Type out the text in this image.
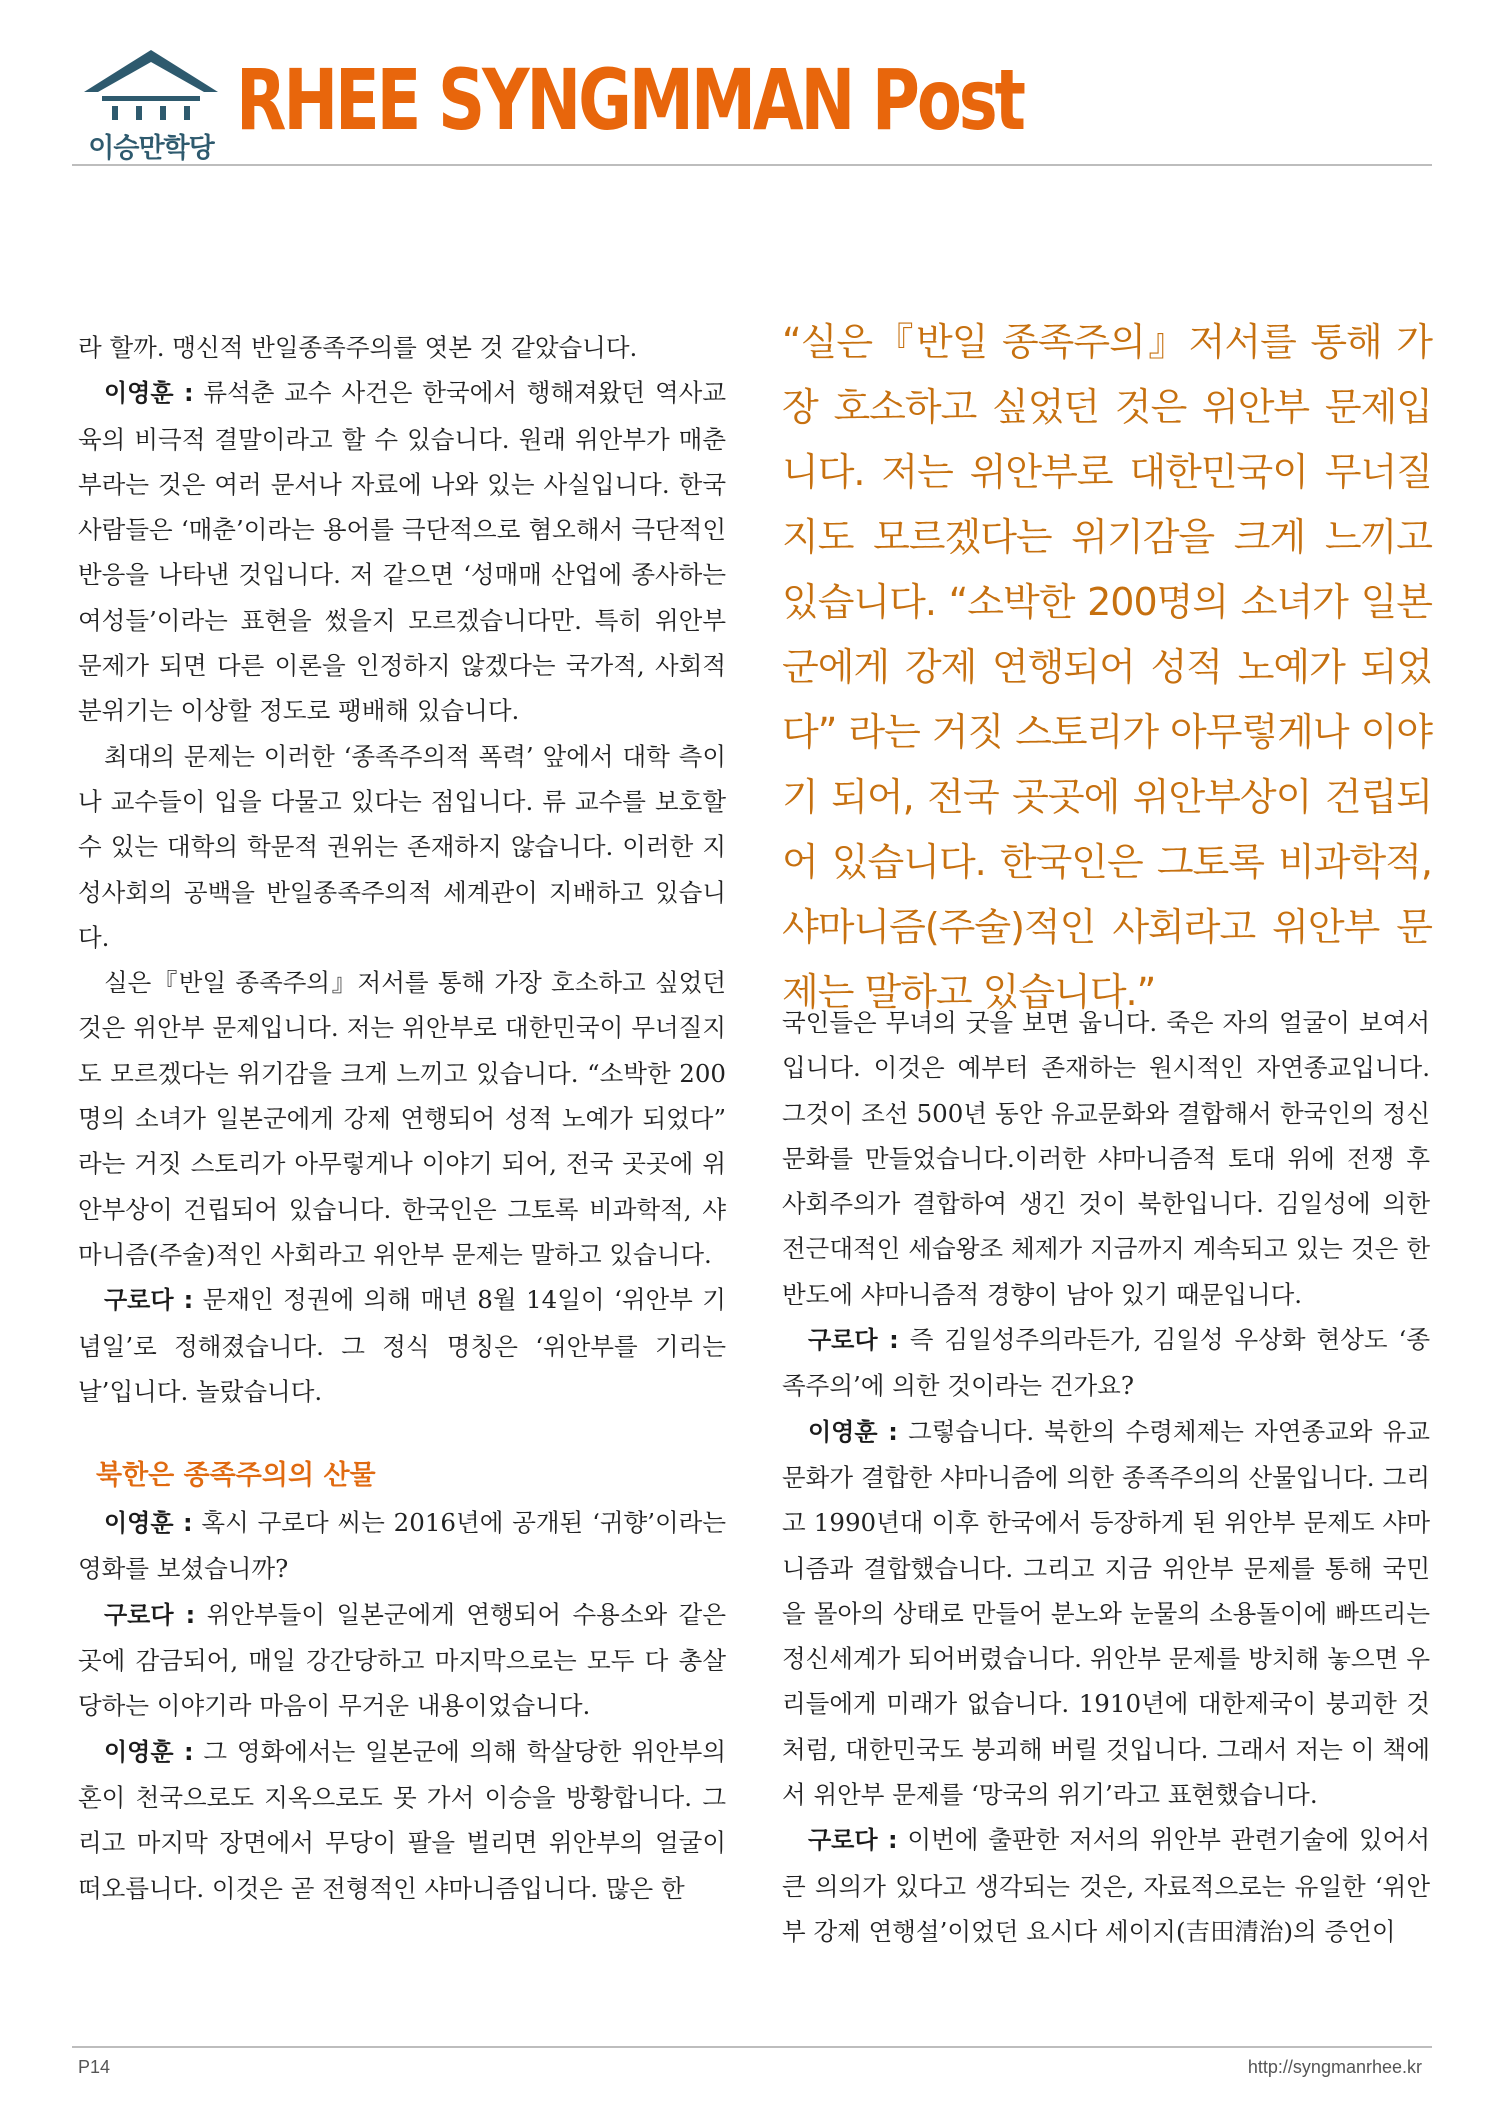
이승만학당 RHEE SYNGMMAN Post

라 할까. 맹신적 반일종족주의를 엿본 것 같았습니다.

이영훈 : 류석춘 교수 사건은 한국에서 행해져왔던 역사교육의 비극적 결말이라고 할 수 있습니다. 원래 위안부가 매춘부라는 것은 여러 문서나 자료에 나와 있는 사실입니다. 한국 사람들은 ‘매춘’이라는 용어를 극단적으로 혐오해서 극단적인 반응을 나타낸 것입니다. 저 같으면 ‘성매매 산업에 종사하는 여성들’이라는 표현을 썼을지 모르겠습니다만. 특히 위안부 문제가 되면 다른 이론을 인정하지 않겠다는 국가적, 사회적 분위기는 이상할 정도로 팽배해 있습니다.

최대의 문제는 이러한 ‘종족주의적 폭력’ 앞에서 대학 측이나 교수들이 입을 다물고 있다는 점입니다. 류 교수를 보호할 수 있는 대학의 학문적 권위는 존재하지 않습니다. 이러한 지성사회의 공백을 반일종족주의적 세계관이 지배하고 있습니다.

실은『반일 종족주의』저서를 통해 가장 호소하고 싶었던 것은 위안부 문제입니다. 저는 위안부로 대한민국이 무너질지도 모르겠다는 위기감을 크게 느끼고 있습니다. “소박한 200명의 소녀가 일본군에게 강제 연행되어 성적 노예가 되었다” 라는 거짓 스토리가 아무렇게나 이야기 되어, 전국 곳곳에 위안부상이 건립되어 있습니다. 한국인은 그토록 비과학적, 샤마니즘(주술)적인 사회라고 위안부 문제는 말하고 있습니다.

구로다 : 문재인 정권에 의해 매년 8월 14일이 ‘위안부 기념일’로 정해졌습니다. 그 정식 명칭은 ‘위안부를 기리는 날’입니다. 놀랐습니다.

북한은 종족주의의 산물

이영훈 : 혹시 구로다 씨는 2016년에 공개된 ‘귀향’이라는 영화를 보셨습니까?

구로다 : 위안부들이 일본군에게 연행되어 수용소와 같은 곳에 감금되어, 매일 강간당하고 마지막으로는 모두 다 총살당하는 이야기라 마음이 무거운 내용이었습니다.

이영훈 : 그 영화에서는 일본군에 의해 학살당한 위안부의 혼이 천국으로도 지옥으로도 못 가서 이승을 방황합니다. 그리고 마지막 장면에서 무당이 팔을 벌리면 위안부의 얼굴이 떠오릅니다. 이것은 곧 전형적인 샤마니즘입니다. 많은 한

“실은『반일 종족주의』저서를 통해 가장 호소하고 싶었던 것은 위안부 문제입니다. 저는 위안부로 대한민국이 무너질지도 모르겠다는 위기감을 크게 느끼고 있습니다. “소박한 200명의 소녀가 일본군에게 강제 연행되어 성적 노예가 되었다” 라는 거짓 스토리가 아무렇게나 이야기 되어, 전국 곳곳에 위안부상이 건립되어 있습니다. 한국인은 그토록 비과학적, 샤마니즘(주술)적인 사회라고 위안부 문제는 말하고 있습니다.”

국인들은 무녀의 굿을 보면 웁니다. 죽은 자의 얼굴이 보여서입니다. 이것은 예부터 존재하는 원시적인 자연종교입니다. 그것이 조선 500년 동안 유교문화와 결합해서 한국인의 정신문화를 만들었습니다.이러한 샤마니즘적 토대 위에 전쟁 후 사회주의가 결합하여 생긴 것이 북한입니다. 김일성에 의한 전근대적인 세습왕조 체제가 지금까지 계속되고 있는 것은 한반도에 샤마니즘적 경향이 남아 있기 때문입니다.

구로다 : 즉 김일성주의라든가, 김일성 우상화 현상도 ‘종족주의’에 의한 것이라는 건가요?

이영훈 : 그렇습니다. 북한의 수령체제는 자연종교와 유교문화가 결합한 샤마니즘에 의한 종족주의의 산물입니다. 그리고 1990년대 이후 한국에서 등장하게 된 위안부 문제도 샤마니즘과 결합했습니다. 그리고 지금 위안부 문제를 통해 국민을 몰아의 상태로 만들어 분노와 눈물의 소용돌이에 빠뜨리는 정신세계가 되어버렸습니다. 위안부 문제를 방치해 놓으면 우리들에게 미래가 없습니다. 1910년에 대한제국이 붕괴한 것처럼, 대한민국도 붕괴해 버릴 것입니다. 그래서 저는 이 책에서 위안부 문제를 ‘망국의 위기’라고 표현했습니다.

구로다 : 이번에 출판한 저서의 위안부 관련기술에 있어서 큰 의의가 있다고 생각되는 것은, 자료적으로는 유일한 ‘위안부 강제 연행설’이었던 요시다 세이지(吉田清治)의 증언이

P14	http://syngmanrhee.kr
